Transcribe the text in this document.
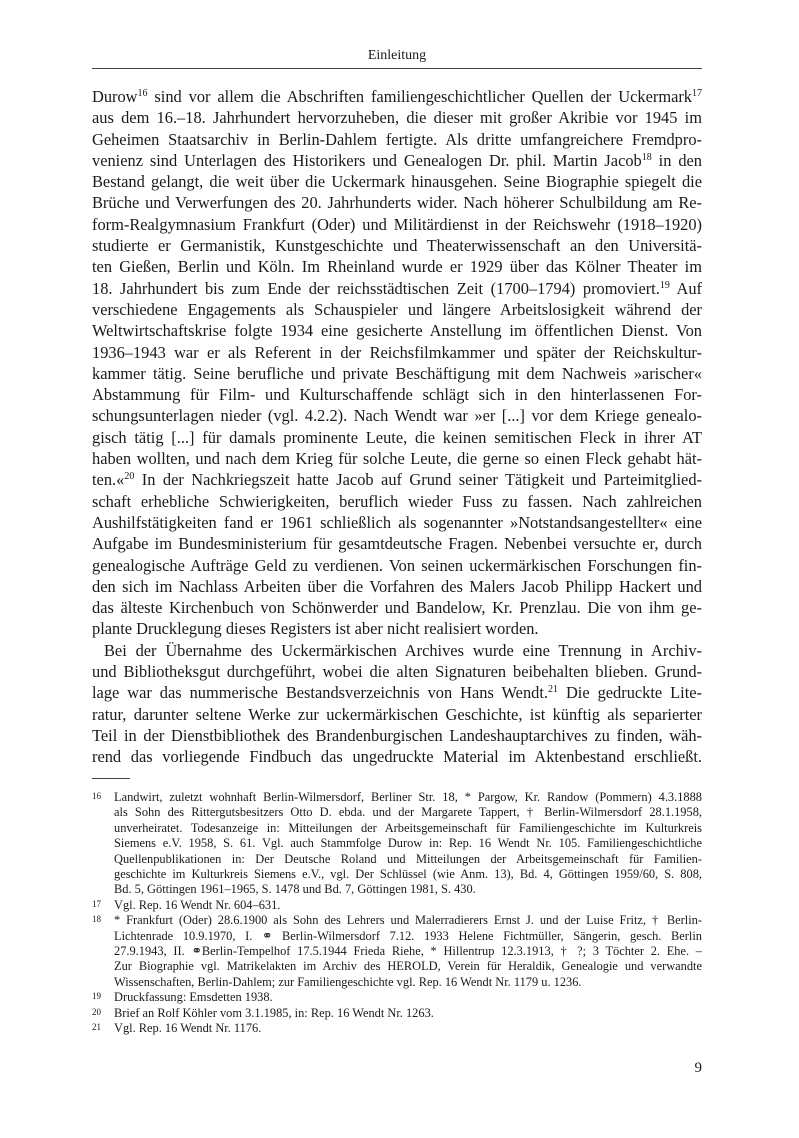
Einleitung
Durow$^{16}$ sind vor allem die Abschriften familiengeschichtlicher Quellen der Uckermark$^{17}$
aus dem 16.–18. Jahrhundert hervorzuheben, die dieser mit großer Akribie vor 1945 im
Geheimen Staatsarchiv in Berlin-Dahlem fertigte. Als dritte umfangreichere Fremdpro-
venienz sind Unterlagen des Historikers und Genealogen Dr. phil. Martin Jacob$^{18}$ in den
Bestand gelangt, die weit über die Uckermark hinausgehen. Seine Biographie spiegelt die
Brüche und Verwerfungen des 20. Jahrhunderts wider. Nach höherer Schulbildung am Re-
form-Realgymnasium Frankfurt (Oder) und Militärdienst in der Reichswehr (1918–1920)
studierte er Germanistik, Kunstgeschichte und Theaterwissenschaft an den Universitä-
ten Gießen, Berlin und Köln. Im Rheinland wurde er 1929 über das Kölner Theater im
18. Jahrhundert bis zum Ende der reichsstädtischen Zeit (1700–1794) promoviert.$^{19}$ Auf
verschiedene Engagements als Schauspieler und längere Arbeitslosigkeit während der
Weltwirtschaftskrise folgte 1934 eine gesicherte Anstellung im öffentlichen Dienst. Von
1936–1943 war er als Referent in der Reichsfilmkammer und später der Reichskultur-
kammer tätig. Seine berufliche und private Beschäftigung mit dem Nachweis »arischer«
Abstammung für Film- und Kulturschaffende schlägt sich in den hinterlassenen For-
schungsunterlagen nieder (vgl. 4.2.2). Nach Wendt war »er [...] vor dem Kriege genealo-
gisch tätig [...] für damals prominente Leute, die keinen semitischen Fleck in ihrer AT
haben wollten, und nach dem Krieg für solche Leute, die gerne so einen Fleck gehabt hät-
ten.«$^{20}$ In der Nachkriegszeit hatte Jacob auf Grund seiner Tätigkeit und Parteimitglied-
schaft erhebliche Schwierigkeiten, beruflich wieder Fuss zu fassen. Nach zahlreichen
Aushilfstätigkeiten fand er 1961 schließlich als sogenannter »Notstandsangestellter« eine
Aufgabe im Bundesministerium für gesamtdeutsche Fragen. Nebenbei versuchte er, durch
genealogische Aufträge Geld zu verdienen. Von seinen uckermärkischen Forschungen fin-
den sich im Nachlass Arbeiten über die Vorfahren des Malers Jacob Philipp Hackert und
das älteste Kirchenbuch von Schönwerder und Bandelow, Kr. Prenzlau. Die von ihm ge-
plante Drucklegung dieses Registers ist aber nicht realisiert worden.
Bei der Übernahme des Uckermärkischen Archives wurde eine Trennung in Archiv-
und Bibliotheksgut durchgeführt, wobei die alten Signaturen beibehalten blieben. Grund-
lage war das nummerische Bestandsverzeichnis von Hans Wendt.$^{21}$ Die gedruckte Lite-
ratur, darunter seltene Werke zur uckermärkischen Geschichte, ist künftig als separierter
Teil in der Dienstbibliothek des Brandenburgischen Landeshauptarchives zu finden, wäh-
rend das vorliegende Findbuch das ungedruckte Material im Aktenbestand erschließt.
16 Landwirt, zuletzt wohnhaft Berlin-Wilmersdorf, Berliner Str. 18, * Pargow, Kr. Randow (Pommern) 4.3.1888
als Sohn des Rittergutsbesitzers Otto D. ebda. und der Margarete Tappert, † Berlin-Wilmersdorf 28.1.1958,
unverheiratet. Todesanzeige in: Mitteilungen der Arbeitsgemeinschaft für Familiengeschichte im Kulturkreis
Siemens e.V. 1958, S. 61. Vgl. auch Stammfolge Durow in: Rep. 16 Wendt Nr. 105. Familiengeschichtliche
Quellenpublikationen in: Der Deutsche Roland und Mitteilungen der Arbeitsgemeinschaft für Familien-
geschichte im Kulturkreis Siemens e.V., vgl. Der Schlüssel (wie Anm. 13), Bd. 4, Göttingen 1959/60, S. 808,
Bd. 5, Göttingen 1961–1965, S. 1478 und Bd. 7, Göttingen 1981, S. 430.
17 Vgl. Rep. 16 Wendt Nr. 604–631.
18 * Frankfurt (Oder) 28.6.1900 als Sohn des Lehrers und Malerradierers Ernst J. und der Luise Fritz, † Berlin-
Lichtenrade 10.9.1970, I. ⚭ Berlin-Wilmersdorf 7.12. 1933 Helene Fichtmüller, Sängerin, gesch. Berlin
27.9.1943, II. ⚭Berlin-Tempelhof 17.5.1944 Frieda Riehe, * Hillentrup 12.3.1913, † ?; 3 Töchter 2. Ehe. –
Zur Biographie vgl. Matrikelakten im Archiv des HEROLD, Verein für Heraldik, Genealogie und verwandte
Wissenschaften, Berlin-Dahlem; zur Familiengeschichte vgl. Rep. 16 Wendt Nr. 1179 u. 1236.
19 Druckfassung: Emsdetten 1938.
20 Brief an Rolf Köhler vom 3.1.1985, in: Rep. 16 Wendt Nr. 1263.
21 Vgl. Rep. 16 Wendt Nr. 1176.
9
